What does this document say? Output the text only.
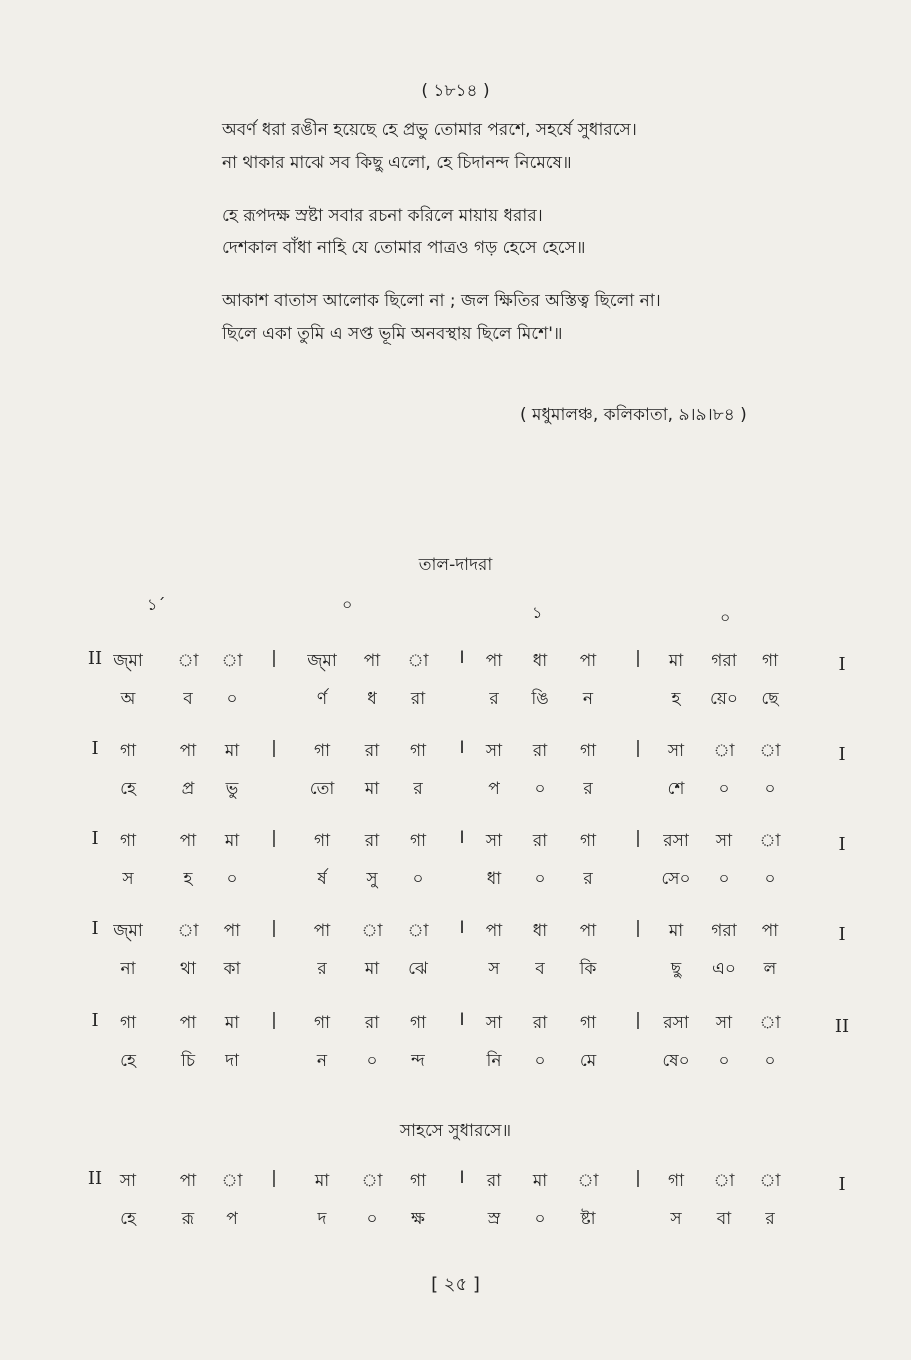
( ১৮১৪ )
অবর্ণ ধরা রঙীন হয়েছে হে প্রভু তোমার পরশে, সহর্ষে সুধারসে।
না থাকার মাঝে সব কিছু এলো, হে চিদানন্দ নিমেষে॥
হে রূপদক্ষ স্রষ্টা সবার রচনা করিলে মায়ায় ধরার।
দেশকাল বাঁধা নাহি যে তোমার পাত্রও গড় হেসে হেসে॥
আকাশ বাতাস আলোক ছিলো না ; জল ক্ষিতির অস্তিত্ব ছিলো না।
ছিলে একা তুমি এ সপ্ত ভূমি অনবস্থায় ছিলে মিশে'॥
( মধুমালঞ্চ, কলিকাতা, ৯।৯।৮৪ )
তাল-দাদরা
১´	০	১	০
II জ্মা া া | জ্মা পা া I পা ধা পা | মা গরা গা
অ	ব ০	র্ণ ধ রা	র ঙি ন	হ য়ে০ ছে
I
I গা	পা মা | গা রা গা I সা রা গা | সা া া
হে	প্র ভু	তো মা র	প ০ র	শে ০ ০
I
I গা	পা মা | গা রা গা I সা রা গা | রসা সা া
স	হ ০	র্ষ সু ০	ধা ০ র	সে০ ০ ০
I
I জ্মা া পা | পা া া I পা ধা পা | মা গরা পা
না	থা কা	র মা ঝে	স ব কি	ছু এ০ ল
I
I গা	পা মা | গা রা গা I সা রা গা | রসা সা া
হে	চি দা	ন ০ ন্দ	নি ০ মে	ষে০ ০ ০
II
II সা	পা া | মা া গা I রা মা া | গা া া
হে	রূ প	দ ০ ক্ষ	স্র ০ ষ্টা	স বা র
I
সাহসে সুধারসে॥
[ ২৫ ]
